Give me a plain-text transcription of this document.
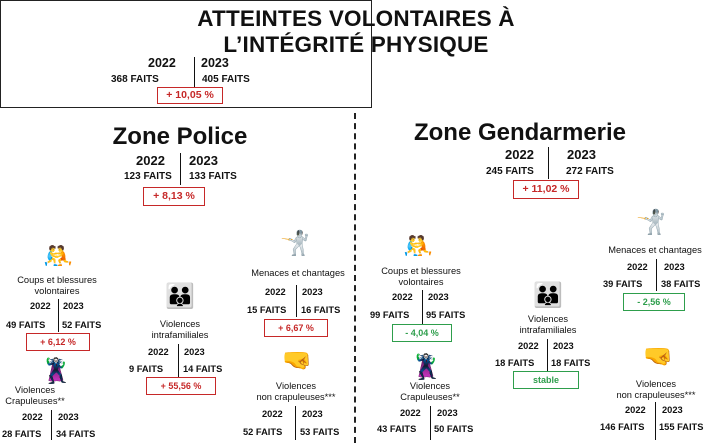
ATTEINTES VOLONTAIRES À
L’INTÉGRITÉ PHYSIQUE
2022 2023
368 FAITS	405 FAITS
+ 10,05 %
Zone Police
2022 2023
123 FAITS 133 FAITS
+ 8,13 %
Zone Gendarmerie
2022	2023
245 FAITS	272 FAITS
+ 11,02 %
🤼
Coups et blessures
volontaires
2022 2023
49 FAITS 52 FAITS
+ 6,12 %
👪
Violences
intrafamiliales
2022 2023
9 FAITS 14 FAITS
+ 55,56 %
🤺
Menaces et chantages
2022 2023
15 FAITS 16 FAITS
+ 6,67 %
🦹
Violences
Crapuleuses**
2022 2023
28 FAITS 34 FAITS
🤜
Violences
non crapuleuses***
2022 2023
52 FAITS 53 FAITS
🤼
Coups et blessures
volontaires
2022 2023
99 FAITS 95 FAITS
- 4,04 %
👪
Violences
intrafamiliales
2022 2023
18 FAITS 18 FAITS
stable
🤺
Menaces et chantages
2022 2023
39 FAITS 38 FAITS
- 2,56 %
🦹
Violences
Crapuleuses**
2022 2023
43 FAITS 50 FAITS
🤜
Violences
non crapuleuses***
2022 2023
146 FAITS 155 FAITS
